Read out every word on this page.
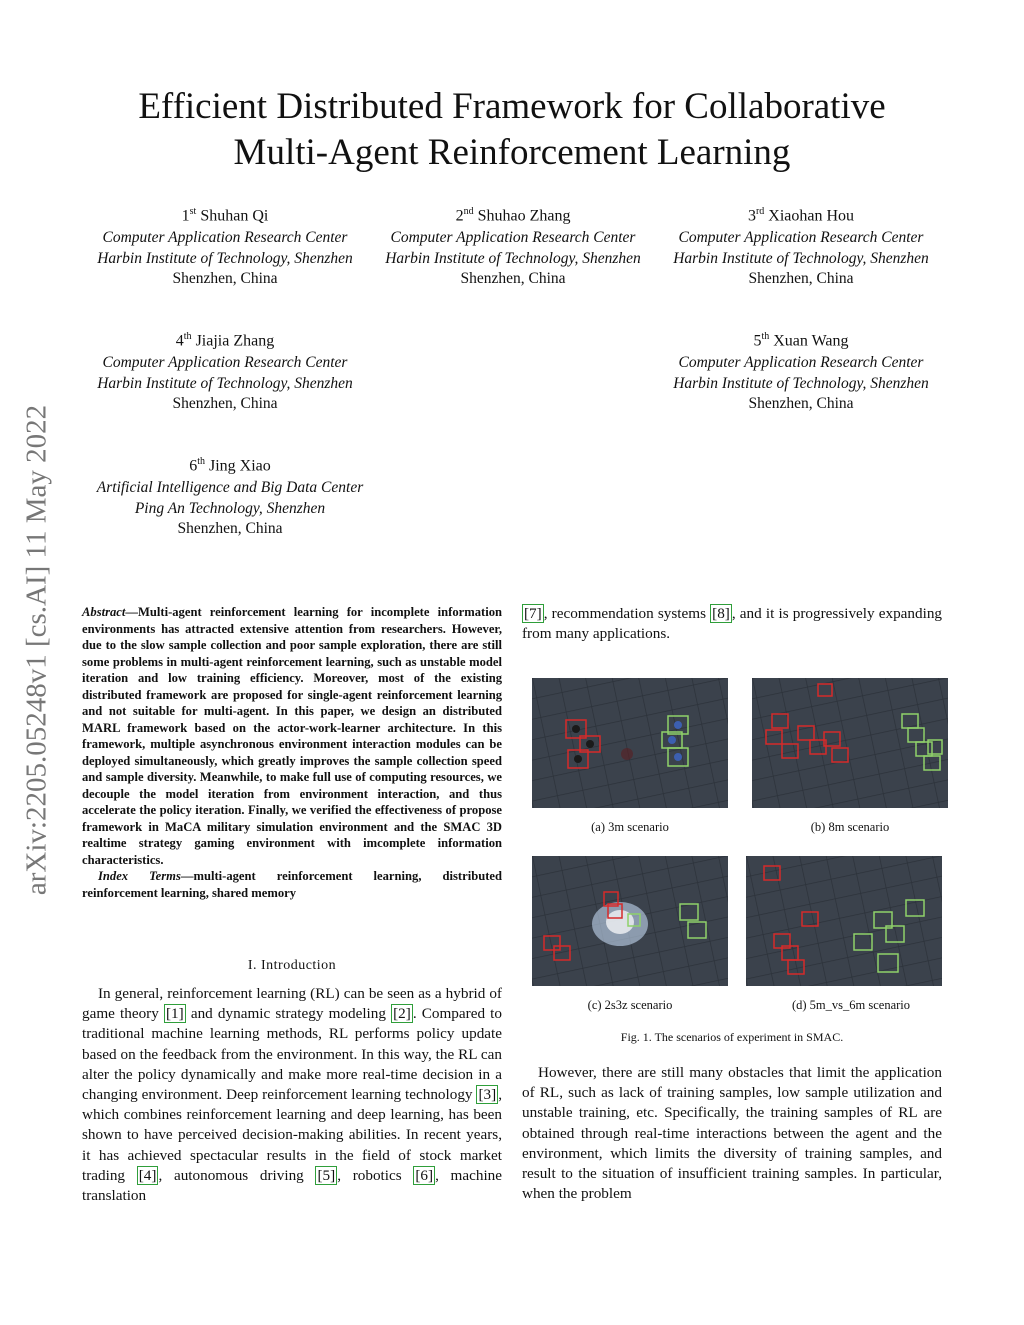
arXiv:2205.05248v1 [cs.AI] 11 May 2022
Efficient Distributed Framework for Collaborative
Multi-Agent Reinforcement Learning
1st Shuhan Qi
Computer Application Research Center
Harbin Institute of Technology, Shenzhen
Shenzhen, China
2nd Shuhao Zhang
Computer Application Research Center
Harbin Institute of Technology, Shenzhen
Shenzhen, China
3rd Xiaohan Hou
Computer Application Research Center
Harbin Institute of Technology, Shenzhen
Shenzhen, China
4th Jiajia Zhang
Computer Application Research Center
Harbin Institute of Technology, Shenzhen
Shenzhen, China
5th Xuan Wang
Computer Application Research Center
Harbin Institute of Technology, Shenzhen
Shenzhen, China
6th Jing Xiao
Artificial Intelligence and Big Data Center
Ping An Technology, Shenzhen
Shenzhen, China
Abstract—Multi-agent reinforcement learning for incomplete information environments has attracted extensive attention from researchers. However, due to the slow sample collection and poor sample exploration, there are still some problems in multi-agent reinforcement learning, such as unstable model iteration and low training efficiency. Moreover, most of the existing distributed framework are proposed for single-agent reinforcement learning and not suitable for multi-agent. In this paper, we design an distributed MARL framework based on the actor-work-learner architecture. In this framework, multiple asynchronous environment interaction modules can be deployed simultaneously, which greatly improves the sample collection speed and sample diversity. Meanwhile, to make full use of computing resources, we decouple the model iteration from environment interaction, and thus accelerate the policy iteration. Finally, we verified the effectiveness of propose framework in MaCA military simulation environment and the SMAC 3D realtime strategy gaming environment with imcomplete information characteristics.
Index Terms—multi-agent reinforcement learning, distributed reinforcement learning, shared memory
I. Introduction
In general, reinforcement learning (RL) can be seen as a hybrid of game theory [1] and dynamic strategy modeling [2] . Compared to traditional machine learning methods, RL performs policy update based on the feedback from the environment. In this way, the RL can alter the policy dynamically and make more real-time decision in a changing environment. Deep reinforcement learning technology [3] , which combines reinforcement learning and deep learning, has been shown to have perceived decision-making abilities. In recent years, it has achieved spectacular results in the field of stock market trading [4] , autonomous driving [5] , robotics [6] , machine translation
[7] , recommendation systems [8] , and it is progressively expanding from many applications.
(a) 3m scenario	(b) 8m scenario
(c) 2s3z scenario	(d) 5m_vs_6m scenario
Fig. 1. The scenarios of experiment in SMAC.
However, there are still many obstacles that limit the application of RL, such as lack of training samples, low sample utilization and unstable training, etc. Specifically, the training samples of RL are obtained through real-time interactions between the agent and the environment, which limits the diversity of training samples, and result to the situation of insufficient training samples. In particular, when the problem
